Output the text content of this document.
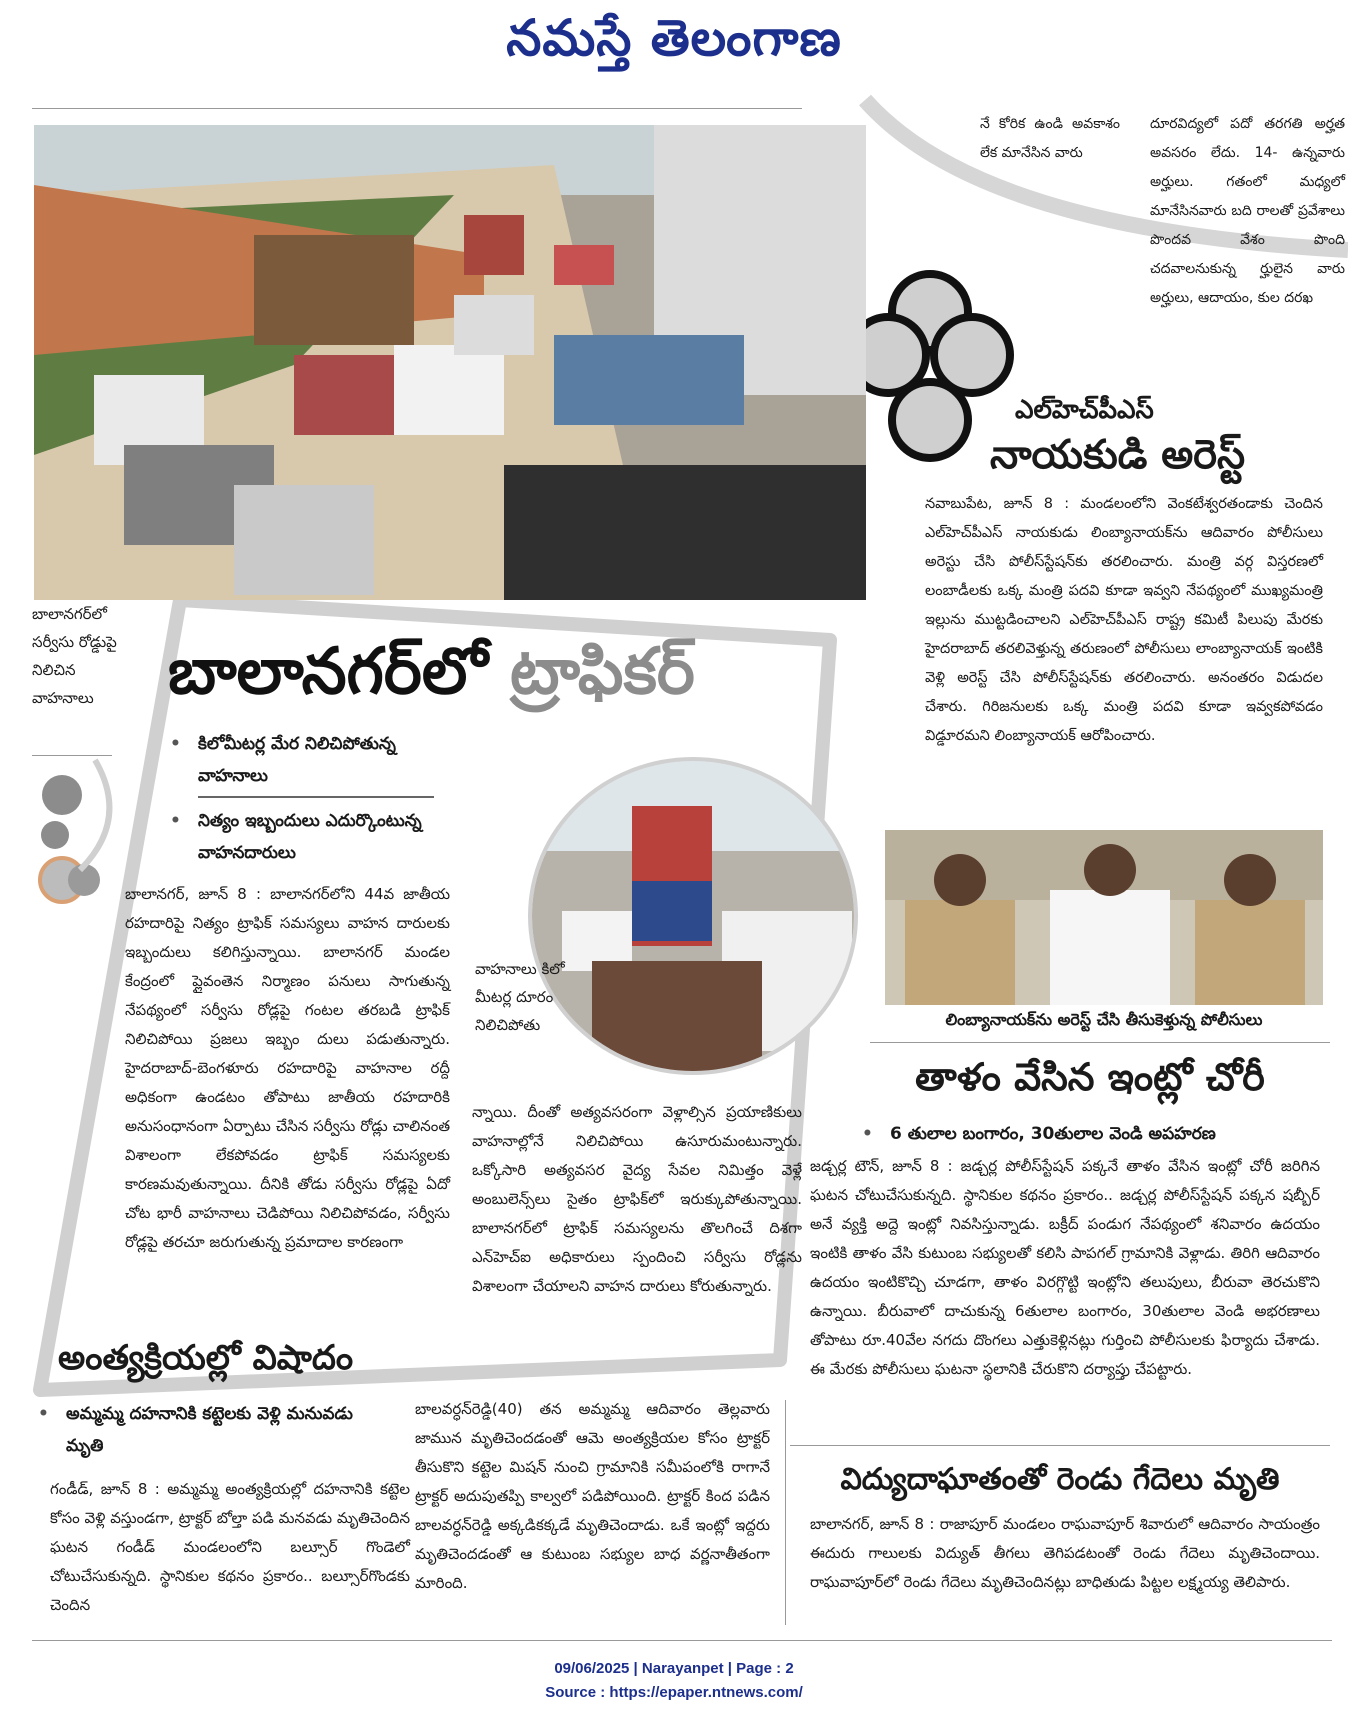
నమస్తే తెలంగాణ
బాలానగర్‌లో సర్వీసు రోడ్డుపై నిలిచిన వాహనాలు	బాలానగర్‌లో ట్రాఫికర్
• కిలోమీటర్ల మేర నిలిచిపోతున్న వాహనాలు
• నిత్యం ఇబ్బందులు ఎదుర్కొంటున్న వాహనదారులు
బాలానగర్, జూన్ 8 : బాలానగర్‌లోని 44వ జాతీయ రహదారిపై నిత్యం ట్రాఫిక్ సమస్యలు వాహన దారులకు ఇబ్బందులు కలిగిస్తున్నాయి. బాలానగర్ మండల కేంద్రంలో ప్లైవంతెన నిర్మాణం పనులు సాగుతున్న నేపథ్యంలో సర్వీసు రోడ్లపై గంటల తరబడి ట్రాఫిక్ నిలిచిపోయి ప్రజలు ఇబ్బం దులు పడుతున్నారు. హైదరాబాద్-బెంగళూరు రహదారిపై వాహనాల రద్దీ అధికంగా ఉండటం తోపాటు జాతీయ రహదారికి అనుసంధానంగా ఏర్పాటు చేసిన సర్వీసు రోడ్లు చాలినంత విశాలంగా లేకపోవడం ట్రాఫిక్ సమస్యలకు కారణమవుతున్నాయి. దీనికి తోడు సర్వీసు రోడ్లపై ఏదో చోట భారీ వాహనాలు చెడిపోయి నిలిచిపోవడం, సర్వీసు రోడ్లపై తరచూ జరుగుతున్న ప్రమాదాల కారణంగా
వాహనాలు కిలో మీటర్ల దూరం నిలిచిపోతు
న్నాయి. దీంతో అత్యవసరంగా వెళ్లాల్సిన ప్రయాణికులు వాహనాల్లోనే నిలిచిపోయి ఉసూరుమంటున్నారు. ఒక్కోసారి అత్యవసర వైద్య సేవల నిమిత్తం వెళ్లే అంబులెన్స్‌లు సైతం ట్రాఫిక్‌లో ఇరుక్కుపోతున్నాయి. బాలానగర్‌లో ట్రాఫిక్ సమస్యలను తొలగించే దిశగా ఎన్‌హెచ్‌ఐ అధికారులు స్పందించి సర్వీసు రోడ్లను విశాలంగా చేయాలని వాహన దారులు కోరుతున్నారు.
నే కోరిక ఉండి అవకాశం లేక మానేసిన వారు
దూరవిద్యలో పదో తరగతి అర్హత అవసరం లేదు. 14- ఉన్నవారు అర్హులు. గతంలో మధ్యలో మానేసినవారు బది రాలతో ప్రవేశాలు పొందవ వేశం పొంది చదవాలనుకున్న ర్హులైన వారు అర్హులు, ఆదాయం, కుల దరఖ
ఎల్‌హెచ్‌పీఎస్
నాయకుడి అరెస్ట్
నవాబుపేట, జూన్ 8 : మండలంలోని వెంకటేశ్వరతండాకు చెందిన ఎల్‌హెచ్‌పీఎస్ నాయకుడు లింబ్యానాయక్‌ను ఆదివారం పోలీసులు అరెస్టు చేసి పోలీస్‌స్టేషన్‌కు తరలించారు. మంత్రి వర్గ విస్తరణలో లంబాడీలకు ఒక్క మంత్రి పదవి కూడా ఇవ్వని నేపథ్యంలో ముఖ్యమంత్రి ఇల్లును ముట్టడించాలని ఎల్‌హెచ్‌పీఎస్ రాష్ట్ర కమిటీ పిలుపు మేరకు హైదరాబాద్ తరలివెళ్తున్న తరుణంలో పోలీసులు లాంబ్యానాయక్ ఇంటికి వెళ్లి అరెస్ట్ చేసి పోలీస్‌స్టేషన్‌కు తరలించారు. అనంతరం విడుదల చేశారు. గిరిజనులకు ఒక్క మంత్రి పదవి కూడా ఇవ్వకపోవడం విడ్డూరమని లింబ్యానాయక్ ఆరోపించారు.
లింబ్యానాయక్‌ను అరెస్ట్ చేసి తీసుకెళ్తున్న పోలీసులు
తాళం వేసిన ఇంట్లో చోరీ
• 6 తులాల బంగారం, 30తులాల వెండి అపహరణ
జడ్చర్ల టౌన్, జూన్ 8 : జడ్చర్ల పోలీస్‌స్టేషన్ పక్కనే తాళం వేసిన ఇంట్లో చోరీ జరిగిన ఘటన చోటుచేసుకున్నది. స్థానికుల కథనం ప్రకారం.. జడ్చర్ల పోలీస్‌స్టేషన్ పక్కన షబ్బీర్ అనే వ్యక్తి అద్దె ఇంట్లో నివసిస్తున్నాడు. బక్రీద్ పండుగ నేపథ్యంలో శనివారం ఉదయం ఇంటికి తాళం వేసి కుటుంబ సభ్యులతో కలిసి పాపగల్ గ్రామానికి వెళ్లాడు. తిరిగి ఆదివారం ఉదయం ఇంటికొచ్చి చూడగా, తాళం విరగ్గొట్టి ఇంట్లోని తలుపులు, బీరువా తెరచుకొని ఉన్నాయి. బీరువాలో దాచుకున్న 6తులాల బంగారం, 30తులాల వెండి అభరణాలు తోపాటు రూ.40వేల నగదు దొంగలు ఎత్తుకెళ్లినట్లు గుర్తించి పోలీసులకు ఫిర్యాదు చేశాడు. ఈ మేరకు పోలీసులు ఘటనా స్థలానికి చేరుకొని దర్యాప్తు చేపట్టారు.
విద్యుదాఘాతంతో రెండు గేదెలు మృతి
బాలానగర్, జూన్ 8 : రాజాపూర్ మండలం రాఘవాపూర్ శివారులో ఆదివారం సాయంత్రం ఈదురు గాలులకు విద్యుత్ తీగలు తెగిపడటంతో రెండు గేదెలు మృతిచెందాయి. రాఘవాపూర్‌లో రెండు గేదెలు మృతిచెందినట్లు బాధితుడు పిట్టల లక్ష్మయ్య తెలిపారు.
అంత్యక్రియల్లో విషాదం
• అమ్మమ్మ దహనానికి కట్టెలకు వెళ్లి మనువడు మృతి
గండీడ్, జూన్ 8 : అమ్మమ్మ అంత్యక్రియల్లో దహనానికి కట్టెల కోసం వెళ్లి వస్తుండగా, ట్రాక్టర్ బోల్తా పడి మనవడు మృతిచెందిన ఘటన గండీడ్ మండలంలోని బల్సూర్ గొండెలో చోటుచేసుకున్నది. స్థానికుల కథనం ప్రకారం.. బల్సూర్‌గొండకు చెందిన
బాలవర్ధన్‌రెడ్డి(40) తన అమ్మమ్మ ఆదివారం తెల్లవారు జామున మృతిచెందడంతో ఆమె అంత్యక్రియల కోసం ట్రాక్టర్ తీసుకొని కట్టెల మిషన్ నుంచి గ్రామానికి సమీపంలోకి రాగానే ట్రాక్టర్ అదుపుతప్పి కాల్వలో పడిపోయింది. ట్రాక్టర్ కింద పడిన బాలవర్ధన్‌రెడ్డి అక్కడికక్కడే మృతిచెందాడు. ఒకే ఇంట్లో ఇద్దరు మృతిచెందడంతో ఆ కుటుంబ సభ్యుల బాధ వర్ణనాతీతంగా మారింది.
09/06/2025 | Narayanpet | Page : 2
Source : https://epaper.ntnews.com/
